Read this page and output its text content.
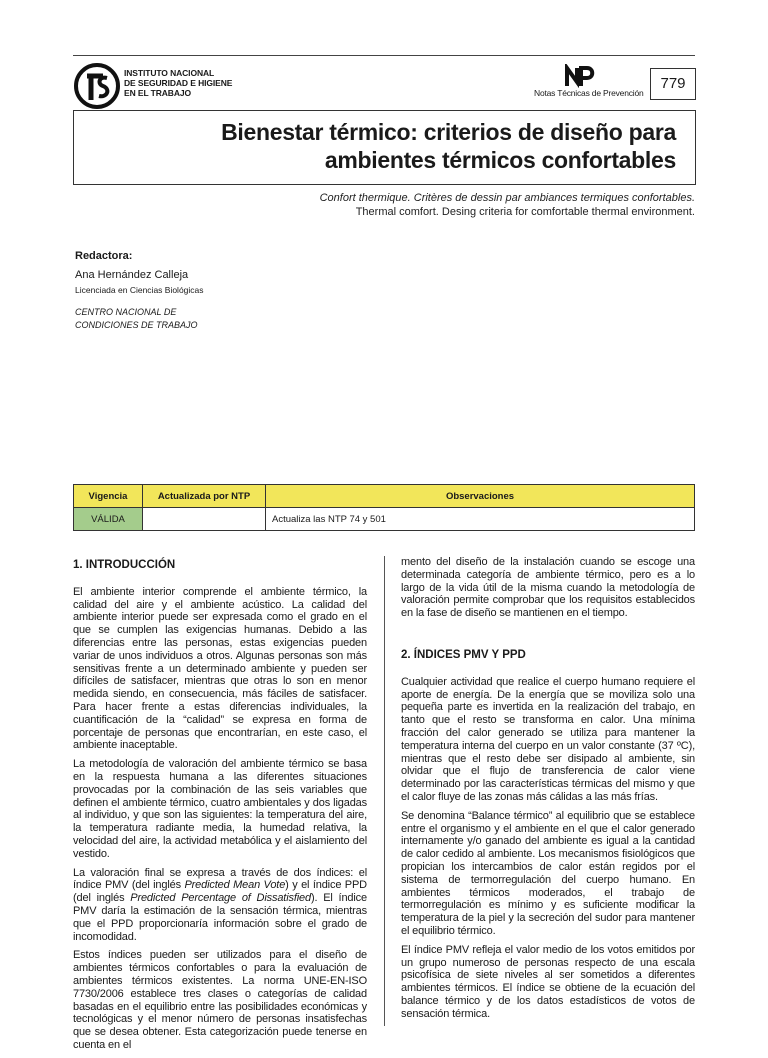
INSTITUTO NACIONAL
DE SEGURIDAD E HIGIENE
EN EL TRABAJO	Notas Técnicas de Prevención
779
Bienestar térmico: criterios de diseño para
ambientes térmicos confortables
Confort thermique. Critères de dessin par ambiances termiques confortables.
Thermal comfort. Desing criteria for comfortable thermal environment.
Redactora:
Ana Hernández Calleja
Licenciada en Ciencias Biológicas
CENTRO NACIONAL DE
CONDICIONES DE TRABAJO
Vigencia	Actualizada por NTP	Observaciones
VÁLIDA		Actualiza las NTP 74 y 501
1. INTRODUCCIÓN

El ambiente interior comprende el ambiente térmico, la calidad del aire y el ambiente acústico. La calidad del ambiente interior puede ser expresada como el grado en el que se cumplen las exigencias humanas. Debido a las diferencias entre las personas, estas exigencias pueden variar de unos individuos a otros. Algunas personas son más sensitivas frente a un determinado ambiente y pueden ser difíciles de satisfacer, mientras que otras lo son en menor medida siendo, en consecuencia, más fáciles de satisfacer. Para hacer frente a estas diferencias individuales, la cuantificación de la “calidad” se expresa en forma de porcentaje de personas que encontrarían, en este caso, el ambiente inaceptable.

La metodología de valoración del ambiente térmico se basa en la respuesta humana a las diferentes situaciones provocadas por la combinación de las seis variables que definen el ambiente térmico, cuatro ambientales y dos ligadas al individuo, y que son las siguientes: la temperatura del aire, la temperatura radiante media, la humedad relativa, la velocidad del aire, la actividad metabólica y el aislamiento del vestido.

La valoración final se expresa a través de dos índices: el índice PMV (del inglés Predicted Mean Vote) y el índice PPD (del inglés Predicted Percentage of Dissatisfied). El índice PMV daría la estimación de la sensación térmica, mientras que el PPD proporcionaría información sobre el grado de incomodidad.

Estos índices pueden ser utilizados para el diseño de ambientes térmicos confortables o para la evaluación de ambientes térmicos existentes. La norma UNE-EN-ISO 7730/2006 establece tres clases o categorías de calidad basadas en el equilibrio entre las posibilidades económicas y tecnológicas y el menor número de personas insatisfechas que se desea obtener. Esta categorización puede tenerse en cuenta en el

mento del diseño de la instalación cuando se escoge una determinada categoría de ambiente térmico, pero es a lo largo de la vida útil de la misma cuando la metodología de valoración permite comprobar que los requisitos establecidos en la fase de diseño se mantienen en el tiempo.

2. ÍNDICES PMV Y PPD

Cualquier actividad que realice el cuerpo humano requiere el aporte de energía. De la energía que se moviliza solo una pequeña parte es invertida en la realización del trabajo, en tanto que el resto se transforma en calor. Una mínima fracción del calor generado se utiliza para mantener la temperatura interna del cuerpo en un valor constante (37 ºC), mientras que el resto debe ser disipado al ambiente, sin olvidar que el flujo de transferencia de calor viene determinado por las características térmicas del mismo y que el calor fluye de las zonas más cálidas a las más frías.

Se denomina “Balance térmico” al equilibrio que se establece entre el organismo y el ambiente en el que el calor generado internamente y/o ganado del ambiente es igual a la cantidad de calor cedido al ambiente. Los mecanismos fisiológicos que propician los intercambios de calor están regidos por el sistema de termorregulación del cuerpo humano. En ambientes térmicos moderados, el trabajo de termorregulación es mínimo y es suficiente modificar la temperatura de la piel y la secreción del sudor para mantener el equilibrio térmico.

El índice PMV refleja el valor medio de los votos emitidos por un grupo numeroso de personas respecto de una escala psicofísica de siete niveles al ser sometidos a diferentes ambientes térmicos. El índice se obtiene de la ecuación del balance térmico y de los datos estadísticos de votos de sensación térmica.
